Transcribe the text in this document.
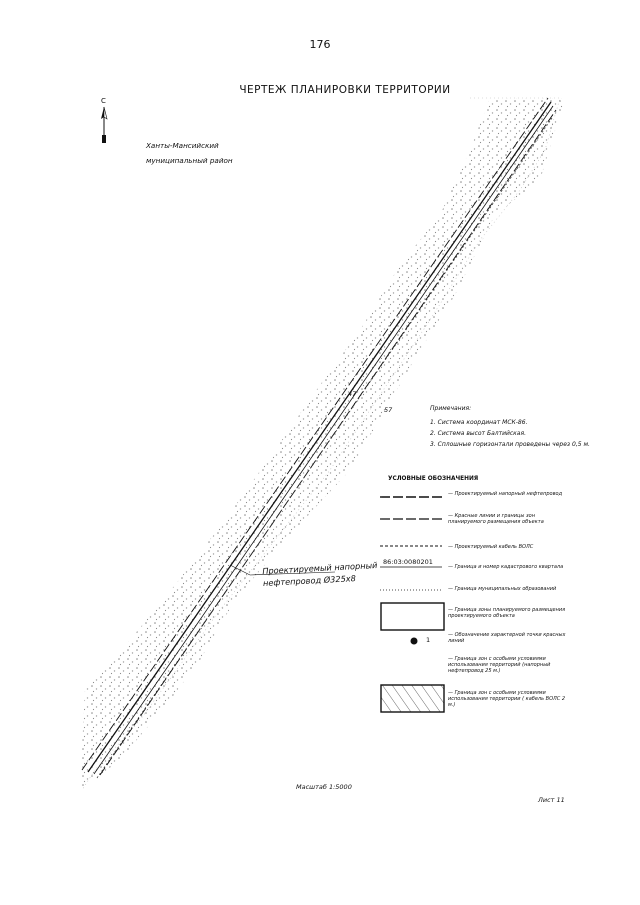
176
ЧЕРТЕЖ ПЛАНИРОВКИ ТЕРРИТОРИИ
С
Ханты-Мансийский
муниципальный район
47
57	Примечания:
1. Система координат МСК-86.
2. Система высот Балтийская.
3. Сплошные горизонтали проведены через 0,5 м.
УСЛОВНЫЕ ОБОЗНАЧЕНИЯ
— Проектируемый напорный нефтепровод
— Красные линии и границы зон планируемого размещения объекта
— Проектируемый кабель ВОЛС
86:03:0080201
— Граница и номер кадастрового квартала
— Граница муниципальных образований
— Граница зоны планируемого размещения проектируемого объекта
1
— Обозначение характерной точки красных линий
— Граница зон с особыми условиями использования территорий (напорный нефтепровод 25 м.)
— Граница зон с особыми условиями использования территории ( кабель ВОЛС 2 м.)
Проектируемый напорный
нефтепровод Ø325х8
Масштаб 1:5000
Лист 11
